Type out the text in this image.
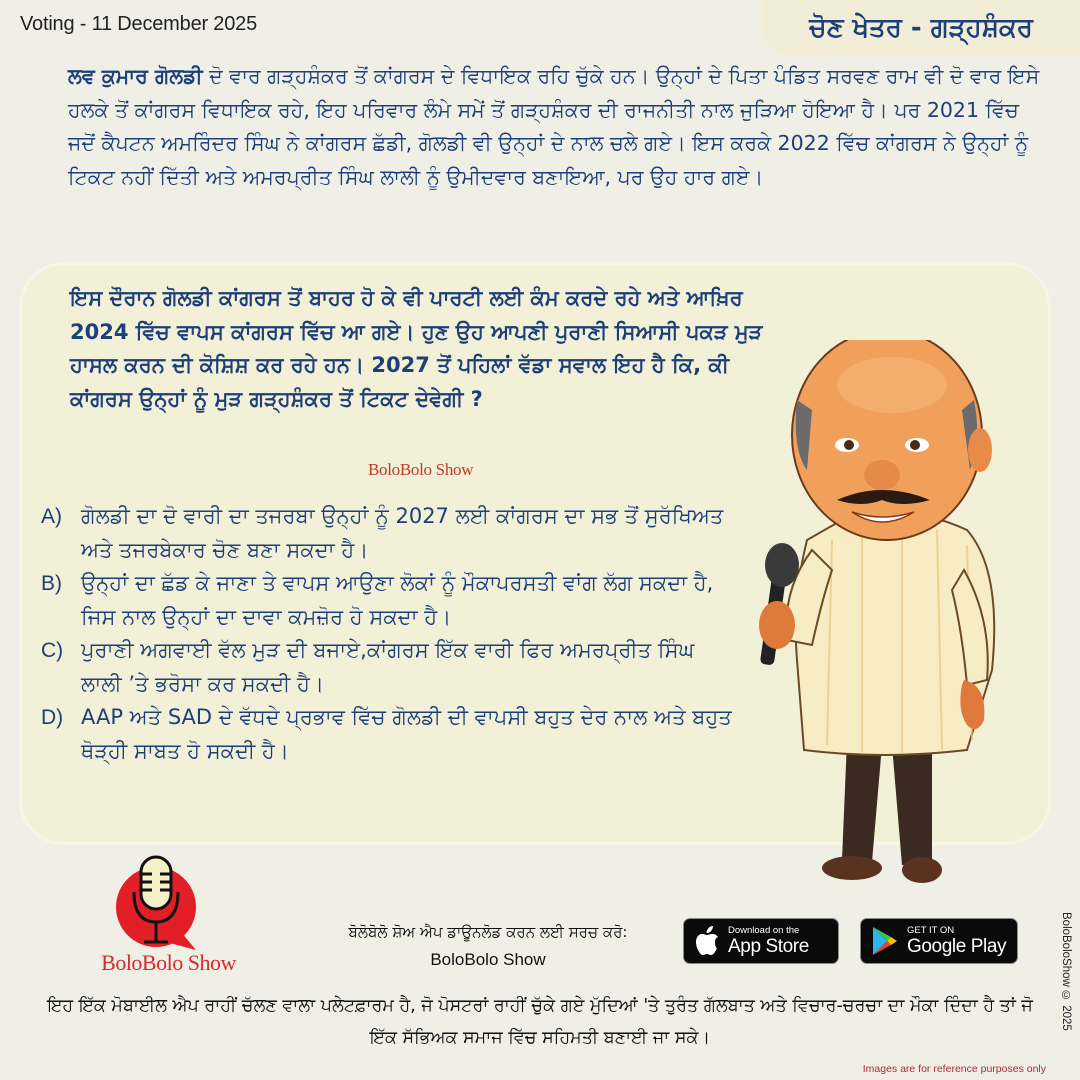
Voting - 11 December 2025	ਚੋਣ ਖੇਤਰ - ਗੜ੍ਹਸ਼ੰਕਰ

ਲਵ ਕੁਮਾਰ ਗੋਲਡੀ ਦੋ ਵਾਰ ਗੜ੍ਹਸ਼ੰਕਰ ਤੋਂ ਕਾਂਗਰਸ ਦੇ ਵਿਧਾਇਕ ਰਹਿ ਚੁੱਕੇ ਹਨ। ਉਨ੍ਹਾਂ ਦੇ ਪਿਤਾ ਪੰਡਿਤ ਸਰਵਣ ਰਾਮ ਵੀ ਦੋ ਵਾਰ ਇਸੇ ਹਲਕੇ ਤੋਂ ਕਾਂਗਰਸ ਵਿਧਾਇਕ ਰਹੇ, ਇਹ ਪਰਿਵਾਰ ਲੰਮੇ ਸਮੇਂ ਤੋਂ ਗੜ੍ਹਸ਼ੰਕਰ ਦੀ ਰਾਜਨੀਤੀ ਨਾਲ ਜੁੜਿਆ ਹੋਇਆ ਹੈ। ਪਰ 2021 ਵਿੱਚ ਜਦੋਂ ਕੈਪਟਨ ਅਮਰਿੰਦਰ ਸਿੰਘ ਨੇ ਕਾਂਗਰਸ ਛੱਡੀ, ਗੋਲਡੀ ਵੀ ਉਨ੍ਹਾਂ ਦੇ ਨਾਲ ਚਲੇ ਗਏ। ਇਸ ਕਰਕੇ 2022 ਵਿੱਚ ਕਾਂਗਰਸ ਨੇ ਉਨ੍ਹਾਂ ਨੂੰ ਟਿਕਟ ਨਹੀਂ ਦਿੱਤੀ ਅਤੇ ਅਮਰਪ੍ਰੀਤ ਸਿੰਘ ਲਾਲੀ ਨੂੰ ਉਮੀਦਵਾਰ ਬਣਾਇਆ, ਪਰ ਉਹ ਹਾਰ ਗਏ।

ਇਸ ਦੌਰਾਨ ਗੋਲਡੀ ਕਾਂਗਰਸ ਤੋਂ ਬਾਹਰ ਹੋ ਕੇ ਵੀ ਪਾਰਟੀ ਲਈ ਕੰਮ ਕਰਦੇ ਰਹੇ ਅਤੇ ਆਖ਼ਿਰ 2024 ਵਿੱਚ ਵਾਪਸ ਕਾਂਗਰਸ ਵਿੱਚ ਆ ਗਏ। ਹੁਣ ਉਹ ਆਪਣੀ ਪੁਰਾਣੀ ਸਿਆਸੀ ਪਕੜ ਮੁੜ ਹਾਸਲ ਕਰਨ ਦੀ ਕੋਸ਼ਿਸ਼ ਕਰ ਰਹੇ ਹਨ। 2027 ਤੋਂ ਪਹਿਲਾਂ ਵੱਡਾ ਸਵਾਲ ਇਹ ਹੈ ਕਿ, ਕੀ ਕਾਂਗਰਸ ਉਨ੍ਹਾਂ ਨੂੰ ਮੁੜ ਗੜ੍ਹਸ਼ੰਕਰ ਤੋਂ ਟਿਕਟ ਦੇਵੇਗੀ ?

BoloBolo Show
A) ਗੋਲਡੀ ਦਾ ਦੋ ਵਾਰੀ ਦਾ ਤਜਰਬਾ ਉਨ੍ਹਾਂ ਨੂੰ 2027 ਲਈ ਕਾਂਗਰਸ ਦਾ ਸਭ ਤੋਂ ਸੁਰੱਖਿਅਤ ਅਤੇ ਤਜਰਬੇਕਾਰ ਚੋਣ ਬਣਾ ਸਕਦਾ ਹੈ।
B) ਉਨ੍ਹਾਂ ਦਾ ਛੱਡ ਕੇ ਜਾਣਾ ਤੇ ਵਾਪਸ ਆਉਣਾ ਲੋਕਾਂ ਨੂੰ ਮੌਕਾਪਰਸਤੀ ਵਾਂਗ ਲੱਗ ਸਕਦਾ ਹੈ, ਜਿਸ ਨਾਲ ਉਨ੍ਹਾਂ ਦਾ ਦਾਵਾ ਕਮਜ਼ੋਰ ਹੋ ਸਕਦਾ ਹੈ।
C) ਪੁਰਾਣੀ ਅਗਵਾਈ ਵੱਲ ਮੁੜ ਦੀ ਬਜਾਏ,ਕਾਂਗਰਸ ਇੱਕ ਵਾਰੀ ਫਿਰ ਅਮਰਪ੍ਰੀਤ ਸਿੰਘ ਲਾਲੀ ’ਤੇ ਭਰੋਸਾ ਕਰ ਸਕਦੀ ਹੈ।
D) AAP ਅਤੇ SAD ਦੇ ਵੱਧਦੇ ਪ੍ਰਭਾਵ ਵਿੱਚ ਗੋਲਡੀ ਦੀ ਵਾਪਸੀ ਬਹੁਤ ਦੇਰ ਨਾਲ ਅਤੇ ਬਹੁਤ ਥੋੜ੍ਹੀ ਸਾਬਤ ਹੋ ਸਕਦੀ ਹੈ।
BoloBolo Show
ਬੋਲੋਬੋਲੋ ਸ਼ੋਅ ਐਪ ਡਾਊਨਲੋਡ ਕਰਨ ਲਈ ਸਰਚ ਕਰੋ:
BoloBolo Show
Download on the
App Store
GET IT ON
Google Play

ਇਹ ਇੱਕ ਮੋਬਾਈਲ ਐਪ ਰਾਹੀਂ ਚੱਲਣ ਵਾਲਾ ਪਲੇਟਫ਼ਾਰਮ ਹੈ, ਜੋ ਪੋਸਟਰਾਂ ਰਾਹੀਂ ਚੁੱਕੇ ਗਏ ਮੁੱਦਿਆਂ 'ਤੇ ਤੁਰੰਤ ਗੱਲਬਾਤ ਅਤੇ ਵਿਚਾਰ-ਚਰਚਾ ਦਾ ਮੌਕਾ ਦਿੰਦਾ ਹੈ ਤਾਂ ਜੋ ਇੱਕ ਸੱਭਿਅਕ ਸਮਾਜ ਵਿੱਚ ਸਹਿਮਤੀ ਬਣਾਈ ਜਾ ਸਕੇ।

Images are for reference purposes only
BoloBoloShow © 2025
